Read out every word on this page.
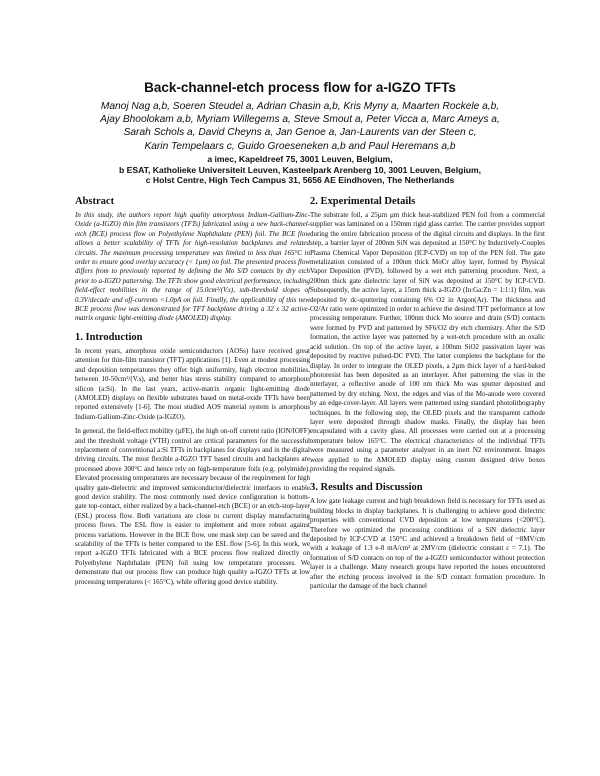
Back-channel-etch process flow for a-IGZO TFTs
Manoj Nag a,b, Soeren Steudel a, Adrian Chasin a,b, Kris Myny a, Maarten Rockele a,b,
Ajay Bhoolokam a,b, Myriam Willegems a, Steve Smout a, Peter Vicca a, Marc Ameys a,
Sarah Schols a, David Cheyns a, Jan Genoe a, Jan-Laurents van der Steen c,
Karin Tempelaars c, Guido Groeseneken a,b and Paul Heremans a,b
a imec, Kapeldreef 75, 3001 Leuven, Belgium,
b ESAT, Katholieke Universiteit Leuven, Kasteelpark Arenberg 10, 3001 Leuven, Belgium,
c Holst Centre, High Tech Campus 31, 5656 AE Eindhoven, The Netherlands
Abstract

In this study, the authors report high quality amorphous Indium-Gallium-Zinc-Oxide (a-IGZO) thin film transistors (TFTs) fabricated using a new back-channel-etch (BCE) process flow on Polyethylene Naphthalate (PEN) foil. The BCE flow allows a better scalability of TFTs for high-resolution backplanes and related circuits. The maximum processing temperature was limited to less than 165°C in order to ensure good overlay accuracy (< 1µm) on foil. The presented process flow differs from to previously reported by defining the Mo S/D contacts by dry etch prior to a-IGZO patterning. The TFTs show good electrical performance, including field-effect mobilities in the range of 15.0cm²/(V.s), sub-threshold slopes of 0.3V/decade and off-currents <1.0pA on foil. Finally, the applicability of this new BCE process flow was demonstrated for TFT backplane driving a 32 x 32 active-matrix organic light-emitting diode (AMOLED) display.

1. Introduction

In recent years, amorphous oxide semiconductors (AOSs) have received great attention for thin-film transistor (TFT) applications [1]. Even at modest processing and deposition temperatures they offer high uniformity, high electron mobilities, between 10-50cm²/(V.s), and better bias stress stability compared to amorphous silicon (a:Si). In the last years, active-matrix organic light-emitting diode (AMOLED) displays on flexible substrates based on metal-oxide TFTs have been reported extensively [1-6]. The most studied AOS material system is amorphous Indium-Gallium-Zinc-Oxide (a-IGZO).

In general, the field-effect mobility (µFE), the high on-off current ratio (ION/IOFF) and the threshold voltage (VTH) control are critical parameters for the successful replacement of conventional a:Si TFTs in backplanes for displays and in the digital driving circuits. The most flexible a-IGZO TFT based circuits and backplanes are processed above 300°C and hence rely on high-temperature foils (e.g. polyimide). Elevated processing temperatures are necessary because of the requirement for high quality gate-dielectric and improved semiconductor/dielectric interfaces to enable good device stability. The most commonly used device configuration is bottom-gate top-contact, either realized by a back-channel-etch (BCE) or an etch-stop-layer (ESL) process flow. Both variations are close to current display manufacturing process flows. The ESL flow is easier to implement and more robust against process variations. However in the BCE flow, one mask step can be saved and the scalability of the TFTs is better compared to the ESL flow [5-6]. In this work, we report a-IGZO TFTs fabricated with a BCE process flow realized directly on Polyethylene Naphthalate (PEN) foil using low temperature processes. We demonstrate that our process flow can produce high quality a-IGZO TFTs at low processing temperatures (< 165°C), while offering good device stability.

2. Experimental Details

The substrate foil, a 25µm µm thick heat-stabilized PEN foil from a commercial supplier was laminated on a 150mm rigid glass carrier. The carrier provides support during the entire fabrication process of the digital circuits and displays. In the first step, a barrier layer of 200nm SiN was deposited at 150°C by Inductively-Couples Plasma Chemical Vapor Deposition (ICP-CVD) on top of the PEN foil. The gate metalization consisted of a 100nm thick MoCr alloy layer, formed by Physical Vapor Deposition (PVD), followed by a wet etch patterning procedure. Next, a 200nm thick gate dielectric layer of SiN was deposited at 150°C by ICP-CVD. Subsequently, the active layer, a 15nm thick a-IGZO (In:Ga:Zn = 1:1:1) film, was deposited by dc-sputtering containing 6% O2 in Argon(Ar). The thickness and O2/Ar ratio were optimized in order to achieve the desired TFT performance at low processing temperature. Further, 100nm thick Mo source and drain (S/D) contacts were formed by PVD and patterned by SF6/O2 dry etch chemistry. After the S/D formation, the active layer was patterned by a wet-etch procedure with an oxalic acid solution. On top of the active layer, a 100nm SiO2 passivation layer was deposited by reactive pulsed-DC PVD. The latter completes the backplane for the display. In order to integrate the OLED pixels, a 2µm thick layer of a hard-baked photoresist has been deposited as an interlayer. After patterning the vias in the interlayer, a reflective anode of 100 nm thick Mo was sputter deposited and patterned by dry etching. Next, the edges and vias of the Mo-anode were covered by an edge-cover-layer. All layers were patterned using standard photolithography techniques. In the following step, the OLED pixels and the transparent cathode layer were deposited through shadow masks. Finally, the display has been encapsulated with a cavity glass. All processes were carried out at a processing temperature below 165°C. The electrical characteristics of the individual TFTs were measured using a parameter analyser in an inert N2 environment. Images were applied to the AMOLED display using custom designed drive boxes providing the required signals.

3. Results and Discussion

A low gate leakage current and high breakdown field is necessary for TFTs used as building blocks in display backplanes. It is challenging to achieve good dielectric properties with conventional CVD deposition at low temperatures (<200°C). Therefore we optimized the processing conditions of a SiN dielectric layer deposited by ICP-CVD at 150°C and achieved a breakdown field of ~8MV/cm with a leakage of 1.3 e-8 mA/cm² at 2MV/cm (dielectric constant ε = 7.1). The formation of S/D contacts on top of the a-IGZO semiconductor without protection layer is a challenge. Many research groups have reported the issues encountered after the etching process involved in the S/D contact formation procedure. In particular the damage of the back channel
